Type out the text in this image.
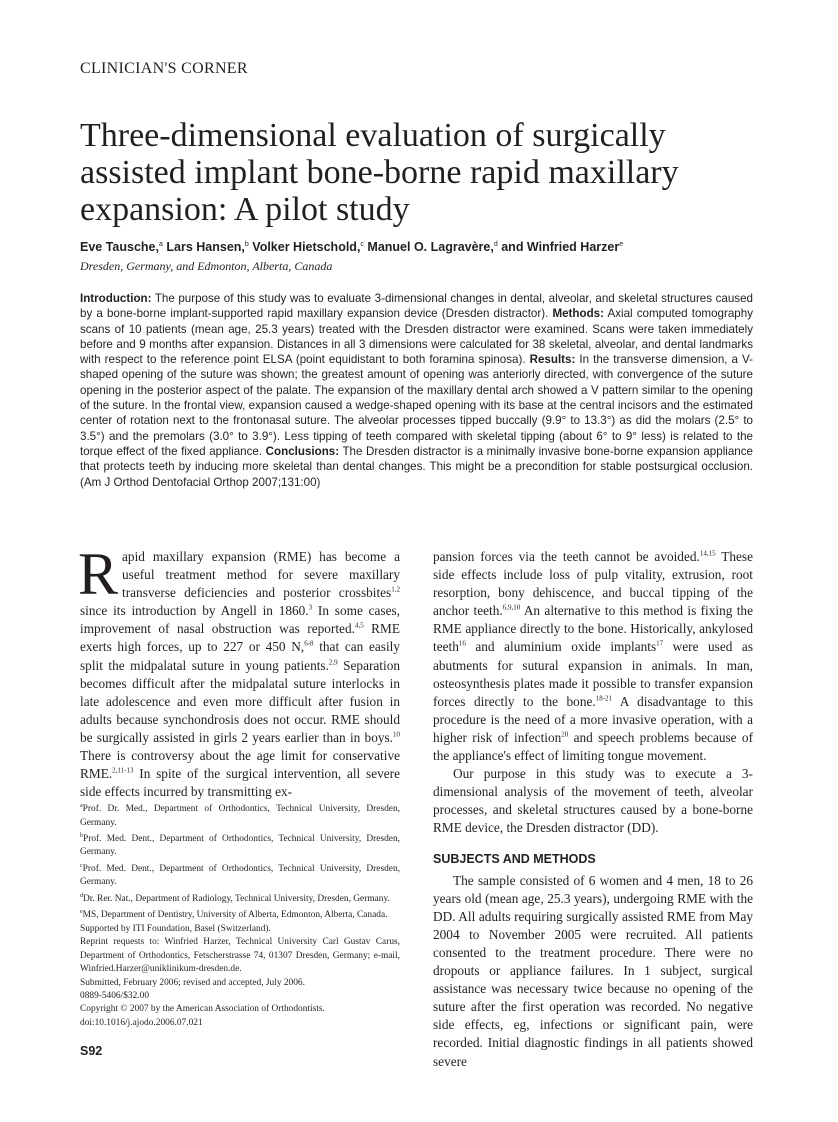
CLINICIAN'S CORNER
Three-dimensional evaluation of surgically assisted implant bone-borne rapid maxillary expansion: A pilot study
Eve Tausche,$^a$ Lars Hansen,$^b$ Volker Hietschold,$^c$ Manuel O. Lagravère,$^d$ and Winfried Harzer$^e$
Dresden, Germany, and Edmonton, Alberta, Canada

Introduction: The purpose of this study was to evaluate 3-dimensional changes in dental, alveolar, and skeletal structures caused by a bone-borne implant-supported rapid maxillary expansion device (Dresden distractor). Methods: Axial computed tomography scans of 10 patients (mean age, 25.3 years) treated with the Dresden distractor were examined. Scans were taken immediately before and 9 months after expansion. Distances in all 3 dimensions were calculated for 38 skeletal, alveolar, and dental landmarks with respect to the reference point ELSA (point equidistant to both foramina spinosa). Results: In the transverse dimension, a V-shaped opening of the suture was shown; the greatest amount of opening was anteriorly directed, with convergence of the suture opening in the posterior aspect of the palate. The expansion of the maxillary dental arch showed a V pattern similar to the opening of the suture. In the frontal view, expansion caused a wedge-shaped opening with its base at the central incisors and the estimated center of rotation next to the frontonasal suture. The alveolar processes tipped buccally (9.9° to 13.3°) as did the molars (2.5° to 3.5°) and the premolars (3.0° to 3.9°). Less tipping of teeth compared with skeletal tipping (about 6° to 9° less) is related to the torque effect of the fixed appliance. Conclusions: The Dresden distractor is a minimally invasive bone-borne expansion appliance that protects teeth by inducing more skeletal than dental changes. This might be a precondition for stable postsurgical occlusion. (Am J Orthod Dentofacial Orthop 2007;131:00)

Rapid maxillary expansion (RME) has become a useful treatment method for severe maxillary transverse deficiencies and posterior crossbites$^{1,2}$ since its introduction by Angell in 1860.$^3$ In some cases, improvement of nasal obstruction was reported.$^{4,5}$ RME exerts high forces, up to 227 or 450 N,$^{6-8}$ that can easily split the midpalatal suture in young patients.$^{2,9}$ Separation becomes difficult after the midpalatal suture interlocks in late adolescence and even more difficult after fusion in adults because synchondrosis does not occur. RME should be surgically assisted in girls 2 years earlier than in boys.$^{10}$ There is controversy about the age limit for conservative RME.$^{2,11-13}$ In spite of the surgical intervention, all severe side effects incurred by transmitting ex-

$^a$Prof. Dr. Med., Department of Orthodontics, Technical University, Dresden, Germany.

$^b$Prof. Med. Dent., Department of Orthodontics, Technical University, Dresden, Germany.

$^c$Prof. Med. Dent., Department of Orthodontics, Technical University, Dresden, Germany.

$^d$Dr. Rer. Nat., Department of Radiology, Technical University, Dresden, Germany.

$^e$MS, Department of Dentistry, University of Alberta, Edmonton, Alberta, Canada.

Supported by ITI Foundation, Basel (Switzerland).

Reprint requests to: Winfried Harzer, Technical University Carl Gustav Carus, Department of Orthodontics, Fetscherstrasse 74, 01307 Dresden, Germany; e-mail, Winfried.Harzer@uniklinikum-dresden.de.

Submitted, February 2006; revised and accepted, July 2006.

0889-5406/$32.00

Copyright © 2007 by the American Association of Orthodontists.

doi:10.1016/j.ajodo.2006.07.021

pansion forces via the teeth cannot be avoided.$^{14,15}$ These side effects include loss of pulp vitality, extrusion, root resorption, bony dehiscence, and buccal tipping of the anchor teeth.$^{6,9,10}$ An alternative to this method is fixing the RME appliance directly to the bone. Historically, ankylosed teeth$^{16}$ and aluminium oxide implants$^{17}$ were used as abutments for sutural expansion in animals. In man, osteosynthesis plates made it possible to transfer expansion forces directly to the bone.$^{18-21}$ A disadvantage to this procedure is the need of a more invasive operation, with a higher risk of infection$^{20}$ and speech problems because of the appliance's effect of limiting tongue movement.

Our purpose in this study was to execute a 3-dimensional analysis of the movement of teeth, alveolar processes, and skeletal structures caused by a bone-borne RME device, the Dresden distractor (DD).

SUBJECTS AND METHODS

The sample consisted of 6 women and 4 men, 18 to 26 years old (mean age, 25.3 years), undergoing RME with the DD. All adults requiring surgically assisted RME from May 2004 to November 2005 were recruited. All patients consented to the treatment procedure. There were no dropouts or appliance failures. In 1 subject, surgical assistance was necessary twice because no opening of the suture after the first operation was recorded. No negative side effects, eg, infections or significant pain, were recorded. Initial diagnostic findings in all patients showed severe

S92
